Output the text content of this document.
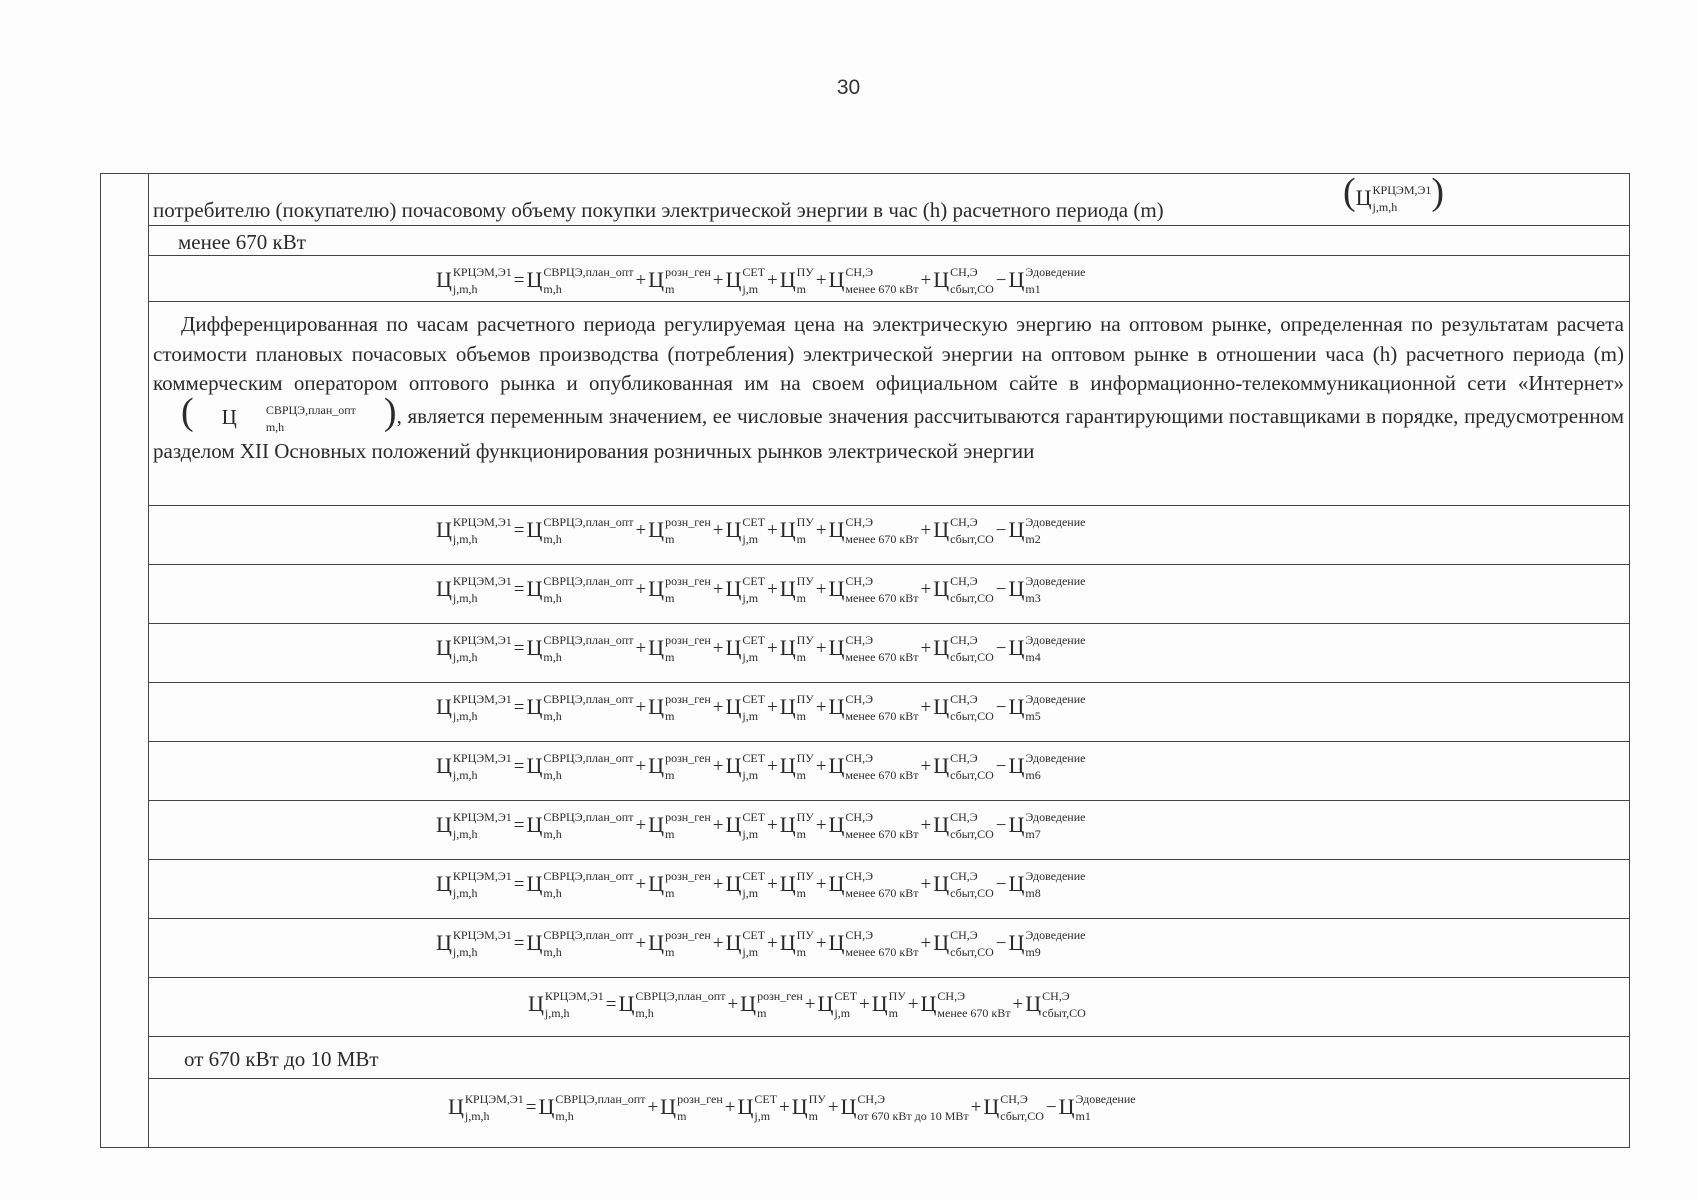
30
потребителю (покупателю) почасовому объему покупки электрической энергии в час (h) расчетного периода (m)	( Ц КРЦЭМ,Э1
j,m,h )
менее 670 кВт
Ц КРЦЭМ,Э1
j,m,h	= Ц СВРЦЭ,план_опт
m,h	+ Ц розн_ген
m	+ Ц СЕТ
j,m + Ц ПУ
m + Ц СН,Э
менее 670 кВт + Ц СН,Э
сбыт,СО − Ц Эдоведение
m1

Дифференцированная по часам расчетного периода регулируемая цена на электрическую энергию на оптовом рынке, определенная по результатам расчета стоимости плановых почасовых объемов производства (потребления) электрической энергии на оптовом рынке в отношении часа (h) расчетного периода (m) коммерческим оператором оптового рынка и опубликованная им на своем официальном сайте в информационно-телекоммуникационной сети «Интернет»
(	Ц	СВРЦЭ,план_опт
m,h	) , является переменным значением, ее числовые значения рассчитываются гарантирующими поставщиками в порядке, предусмотренном разделом XII Основных положений функционирования розничных рынков электрической энергии

Ц КРЦЭМ,Э1
j,m,h	= Ц СВРЦЭ,план_опт
m,h	+ Ц розн_ген
m	+ Ц СЕТ
j,m + Ц ПУ
m + Ц СН,Э
менее 670 кВт + Ц СН,Э
сбыт,СО − Ц Эдоведение
m2
Ц КРЦЭМ,Э1
j,m,h	= Ц СВРЦЭ,план_опт
m,h	+ Ц розн_ген
m	+ Ц СЕТ
j,m + Ц ПУ
m + Ц СН,Э
менее 670 кВт + Ц СН,Э
сбыт,СО − Ц Эдоведение
m3
Ц КРЦЭМ,Э1
j,m,h	= Ц СВРЦЭ,план_опт
m,h	+ Ц розн_ген
m	+ Ц СЕТ
j,m + Ц ПУ
m + Ц СН,Э
менее 670 кВт + Ц СН,Э
сбыт,СО − Ц Эдоведение
m4
Ц КРЦЭМ,Э1
j,m,h	= Ц СВРЦЭ,план_опт
m,h	+ Ц розн_ген
m	+ Ц СЕТ
j,m + Ц ПУ
m + Ц СН,Э
менее 670 кВт + Ц СН,Э
сбыт,СО − Ц Эдоведение
m5
Ц КРЦЭМ,Э1
j,m,h	= Ц СВРЦЭ,план_опт
m,h	+ Ц розн_ген
m	+ Ц СЕТ
j,m + Ц ПУ
m + Ц СН,Э
менее 670 кВт + Ц СН,Э
сбыт,СО − Ц Эдоведение
m6
Ц КРЦЭМ,Э1
j,m,h	= Ц СВРЦЭ,план_опт
m,h	+ Ц розн_ген
m	+ Ц СЕТ
j,m + Ц ПУ
m + Ц СН,Э
менее 670 кВт + Ц СН,Э
сбыт,СО − Ц Эдоведение
m7
Ц КРЦЭМ,Э1
j,m,h	= Ц СВРЦЭ,план_опт
m,h	+ Ц розн_ген
m	+ Ц СЕТ
j,m + Ц ПУ
m + Ц СН,Э
менее 670 кВт + Ц СН,Э
сбыт,СО − Ц Эдоведение
m8
Ц КРЦЭМ,Э1
j,m,h	= Ц СВРЦЭ,план_опт
m,h	+ Ц розн_ген
m	+ Ц СЕТ
j,m + Ц ПУ
m + Ц СН,Э
менее 670 кВт + Ц СН,Э
сбыт,СО − Ц Эдоведение
m9
Ц КРЦЭМ,Э1
j,m,h	= Ц СВРЦЭ,план_опт
m,h	+ Ц розн_ген
m	+ Ц СЕТ
j,m + Ц ПУ
m + Ц СН,Э
менее 670 кВт + Ц СН,Э
сбыт,СО
от 670 кВт до 10 МВт
Ц КРЦЭМ,Э1
j,m,h	= Ц СВРЦЭ,план_опт
m,h	+ Ц розн_ген
m	+ Ц СЕТ
j,m + Ц ПУ
m + Ц СН,Э
от 670 кВт до 10 МВт + Ц СН,Э
сбыт,СО − Ц Эдоведение
m1
